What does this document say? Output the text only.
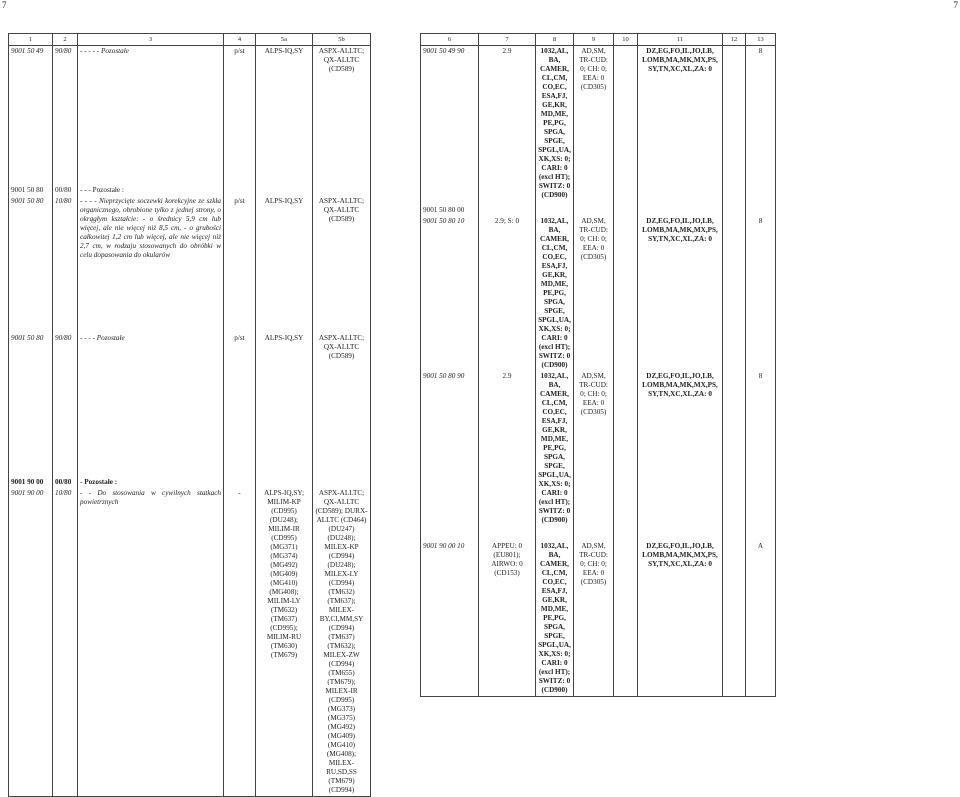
7	7
1	2	3	4	5a	5b
9001 50 49	90/80	- - - - - Pozostałe	p/st	ALPS-IQ,SY	ASPX-ALLTC; QX-ALLTC (CD589)
9001 50 80	00/80	- - - Pozostałe :			
9001 50 80	10/80	- - - - Nieprzycięte soczewki korekcyjne ze szkła organicznego, obrobione tylko z jednej strony, o okrągłym kształcie: - o średnicy 5,9 cm lub więcej, ale nie więcej niż 8,5 cm, - o grubości całkowitej 1,2 cm lub więcej, ale nie więcej niż 2,7 cm, w rodzaju stosowanych do obróbki w celu dopasowania do okularów	p/st	ALPS-IQ,SY	ASPX-ALLTC; QX-ALLTC (CD589)
9001 50 80	90/80	- - - - Pozostałe	p/st	ALPS-IQ,SY	ASPX-ALLTC; QX-ALLTC (CD589)
9001 90 00	00/80	- Pozostałe :			
9001 90 00	10/80	- - Do stosowania w cywilnych statkach powietrznych	-	ALPS-IQ,SY; MILIM-KP (CD995) (DU248); MILIM-IR (CD995) (MG371) (MG374) (MG492) (MG409) (MG410) (MG408); MILIM-LY (TM632) (TM637) (CD995); MILIM-RU (TM630) (TM679)	ASPX-ALLTC; QX-ALLTC (CD589); DURX-ALLTC (CD464) (DU247) (DU248); MILEX-KP (CD994) (DU248); MILEX-LY (CD994) (TM632) (TM637); MILEX-BY,CI,MM,SY (CD994) (TM637) (TM632); MILEX-ZW (CD994) (TM655) (TM679); MILEX-IR (CD995) (MG373) (MG375) (MG492) (MG409) (MG410) (MG408); MILEX-RU,SD,SS (TM679) (CD994)
6	7	8	9	10	11	12	13
9001 50 49 90	2.9	1032,AL, BA, CAMER, CL,CM, CO,EC, ESA,FJ, GE,KR, MD,ME, PE,PG, SPGA, SPGE, SPGL,UA, XK,XS: 0; CARI: 0 (excl HT); SWITZ: 0 (CD900)	AD,SM, TR-CUD: 0; CH: 0; EEA: 0 (CD305)		DZ,EG,FO,IL,JO,LB, LOMB,MA,MK,MX,PS, SY,TN,XC,XL,ZA: 0		8
9001 50 80 00							
9001 50 80 10	2.9; S: 0	1032,AL, BA, CAMER, CL,CM, CO,EC, ESA,FJ, GE,KR, MD,ME, PE,PG, SPGA, SPGE, SPGL,UA, XK,XS: 0; CARI: 0 (excl HT); SWITZ: 0 (CD900)	AD,SM, TR-CUD: 0; CH: 0; EEA: 0 (CD305)		DZ,EG,FO,IL,JO,LB, LOMB,MA,MK,MX,PS, SY,TN,XC,XL,ZA: 0		8
9001 50 80 90	2.9	1032,AL, BA, CAMER, CL,CM, CO,EC, ESA,FJ, GE,KR, MD,ME, PE,PG, SPGA, SPGE, SPGL,UA, XK,XS: 0; CARI: 0 (excl HT); SWITZ: 0 (CD900)	AD,SM, TR-CUD: 0; CH: 0; EEA: 0 (CD305)		DZ,EG,FO,IL,JO,LB, LOMB,MA,MK,MX,PS, SY,TN,XC,XL,ZA: 0		8

9001 90 00 10	APPEU: 0 (EU801); AIRWO: 0 (CD153)	1032,AL, BA, CAMER, CL,CM, CO,EC, ESA,FJ, GE,KR, MD,ME, PE,PG, SPGA, SPGE, SPGL,UA, XK,XS: 0; CARI: 0 (excl HT); SWITZ: 0 (CD900)	AD,SM, TR-CUD: 0; CH: 0; EEA: 0 (CD305)		DZ,EG,FO,IL,JO,LB, LOMB,MA,MK,MX,PS, SY,TN,XC,XL,ZA: 0		A
